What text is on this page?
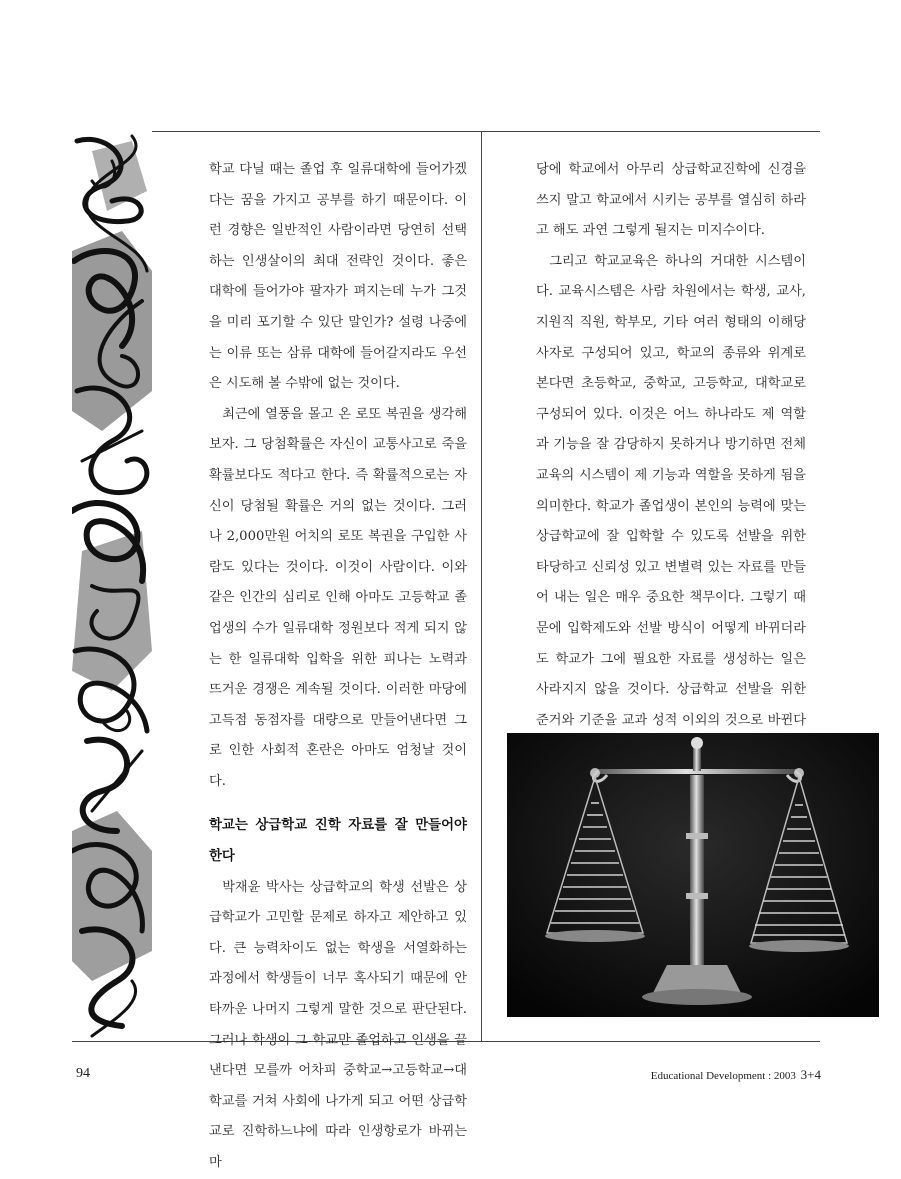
학교 다닐 때는 졸업 후 일류대학에 들어가겠다는 꿈을 가지고 공부를 하기 때문이다. 이런 경향은 일반적인 사람이라면 당연히 선택하는 인생살이의 최대 전략인 것이다. 좋은 대학에 들어가야 팔자가 펴지는데 누가 그것을 미리 포기할 수 있단 말인가? 설령 나중에는 이류 또는 삼류 대학에 들어갈지라도 우선은 시도해 볼 수밖에 없는 것이다.

최근에 열풍을 몰고 온 로또 복권을 생각해 보자. 그 당첨확률은 자신이 교통사고로 죽을 확률보다도 적다고 한다. 즉 확률적으로는 자신이 당첨될 확률은 거의 없는 것이다. 그러나 2,000만원 어치의 로또 복권을 구입한 사람도 있다는 것이다. 이것이 사람이다. 이와 같은 인간의 심리로 인해 아마도 고등학교 졸업생의 수가 일류대학 정원보다 적게 되지 않는 한 일류대학 입학을 위한 피나는 노력과 뜨거운 경쟁은 계속될 것이다. 이러한 마당에 고득점 동점자를 대량으로 만들어낸다면 그로 인한 사회적 혼란은 아마도 엄청날 것이다.

학교는 상급학교 진학 자료를 잘 만들어야 한다

박재윤 박사는 상급학교의 학생 선발은 상급학교가 고민할 문제로 하자고 제안하고 있다. 큰 능력차이도 없는 학생을 서열화하는 과정에서 학생들이 너무 혹사되기 때문에 안타까운 나머지 그렇게 말한 것으로 판단된다. 그러나 학생이 그 학교만 졸업하고 인생을 끝낸다면 모를까 어차피 중학교→고등학교→대학교를 거쳐 사회에 나가게 되고 어떤 상급학교로 진학하느냐에 따라 인생항로가 바뀌는 마

당에 학교에서 아무리 상급학교진학에 신경을 쓰지 말고 학교에서 시키는 공부를 열심히 하라고 해도 과연 그렇게 될지는 미지수이다.

그리고 학교교육은 하나의 거대한 시스템이다. 교육시스템은 사람 차원에서는 학생, 교사, 지원직 직원, 학부모, 기타 여러 형태의 이해당사자로 구성되어 있고, 학교의 종류와 위계로 본다면 초등학교, 중학교, 고등학교, 대학교로 구성되어 있다. 이것은 어느 하나라도 제 역할과 기능을 잘 감당하지 못하거나 방기하면 전체 교육의 시스템이 제 기능과 역할을 못하게 됨을 의미한다. 학교가 졸업생이 본인의 능력에 맞는 상급학교에 잘 입학할 수 있도록 선발을 위한 타당하고 신뢰성 있고 변별력 있는 자료를 만들어 내는 일은 매우 중요한 책무이다. 그렇기 때문에 입학제도와 선발 방식이 어떻게 바뀌더라도 학교가 그에 필요한 자료를 생성하는 일은 사라지지 않을 것이다. 상급학교 선발을 위한 준거와 기준을 교과 성적 이외의 것으로 바뀐다

94	Educational Development : 2003 3+4
